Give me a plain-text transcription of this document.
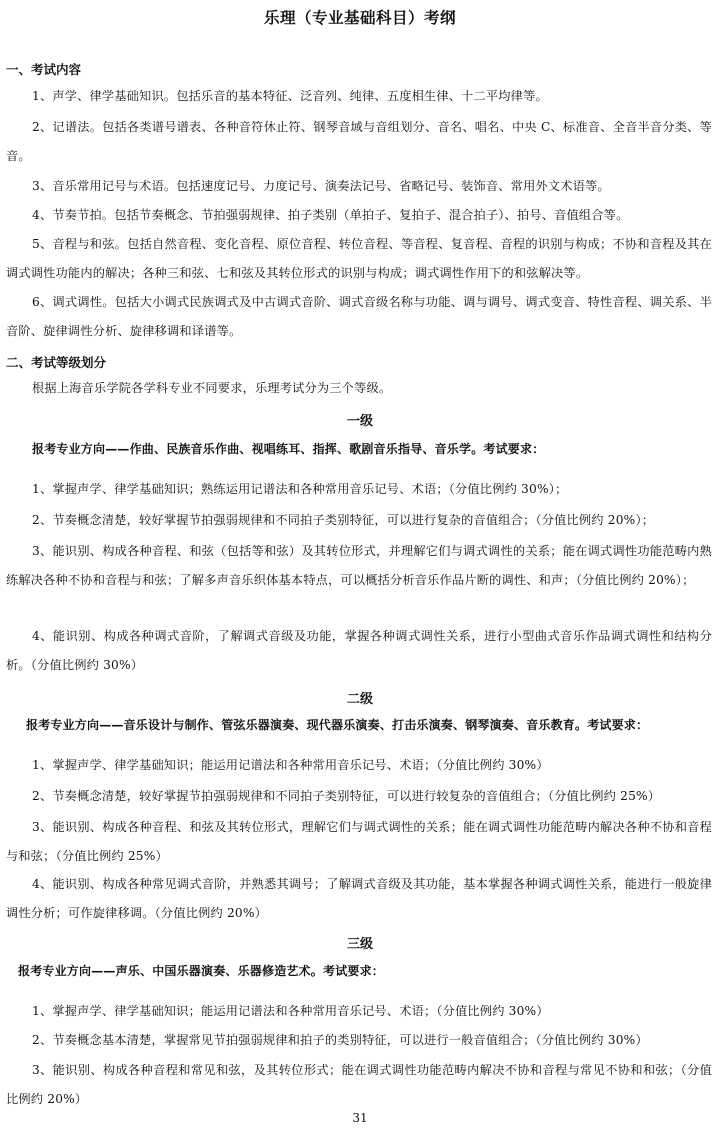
乐理（专业基础科目）考纲
一、考试内容
1、声学、律学基础知识。包括乐音的基本特征、泛音列、纯律、五度相生律、十二平均律等。
2、记谱法。包括各类谱号谱表、各种音符休止符、钢琴音域与音组划分、音名、唱名、中央 C、标准音、全音半音分类、等音。
3、音乐常用记号与术语。包括速度记号、力度记号、演奏法记号、省略记号、装饰音、常用外文术语等。
4、节奏节拍。包括节奏概念、节拍强弱规律、拍子类别（单拍子、复拍子、混合拍子）、拍号、音值组合等。
5、音程与和弦。包括自然音程、变化音程、原位音程、转位音程、等音程、复音程、音程的识别与构成；不协和音程及其在调式调性功能内的解决；各种三和弦、七和弦及其转位形式的识别与构成；调式调性作用下的和弦解决等。
6、调式调性。包括大小调式民族调式及中古调式音阶、调式音级名称与功能、调与调号、调式变音、特性音程、调关系、半音阶、旋律调性分析、旋律移调和译谱等。
二、考试等级划分
根据上海音乐学院各学科专业不同要求，乐理考试分为三个等级。
一级
报考专业方向——作曲、民族音乐作曲、视唱练耳、指挥、歌剧音乐指导、音乐学。考试要求：
1、掌握声学、律学基础知识；熟练运用记谱法和各种常用音乐记号、术语；（分值比例约 30%）；
2、节奏概念清楚，较好掌握节拍强弱规律和不同拍子类别特征，可以进行复杂的音值组合；（分值比例约 20%）；
3、能识别、构成各种音程、和弦（包括等和弦）及其转位形式，并理解它们与调式调性的关系；能在调式调性功能范畴内熟练解决各种不协和音程与和弦；了解多声音乐织体基本特点，可以概括分析音乐作品片断的调性、和声；（分值比例约 20%）；
4、能识别、构成各种调式音阶，了解调式音级及功能，掌握各种调式调性关系，进行小型曲式音乐作品调式调性和结构分析。（分值比例约 30%）
二级
报考专业方向——音乐设计与制作、管弦乐器演奏、现代器乐演奏、打击乐演奏、钢琴演奏、音乐教育。考试要求：
1、掌握声学、律学基础知识；能运用记谱法和各种常用音乐记号、术语；（分值比例约 30%）
2、节奏概念清楚，较好掌握节拍强弱规律和不同拍子类别特征，可以进行较复杂的音值组合；（分值比例约 25%）
3、能识别、构成各种音程、和弦及其转位形式，理解它们与调式调性的关系；能在调式调性功能范畴内解决各种不协和音程与和弦；（分值比例约 25%）
4、能识别、构成各种常见调式音阶，并熟悉其调号；了解调式音级及其功能，基本掌握各种调式调性关系，能进行一般旋律调性分析；可作旋律移调。（分值比例约 20%）
三级
报考专业方向——声乐、中国乐器演奏、乐器修造艺术。考试要求：
1、掌握声学、律学基础知识；能运用记谱法和各种常用音乐记号、术语；（分值比例约 30%）
2、节奏概念基本清楚，掌握常见节拍强弱规律和拍子的类别特征，可以进行一般音值组合；（分值比例约 30%）
3、能识别、构成各种音程和常见和弦，及其转位形式；能在调式调性功能范畴内解决不协和音程与常见不协和和弦；（分值比例约 20%）
31
